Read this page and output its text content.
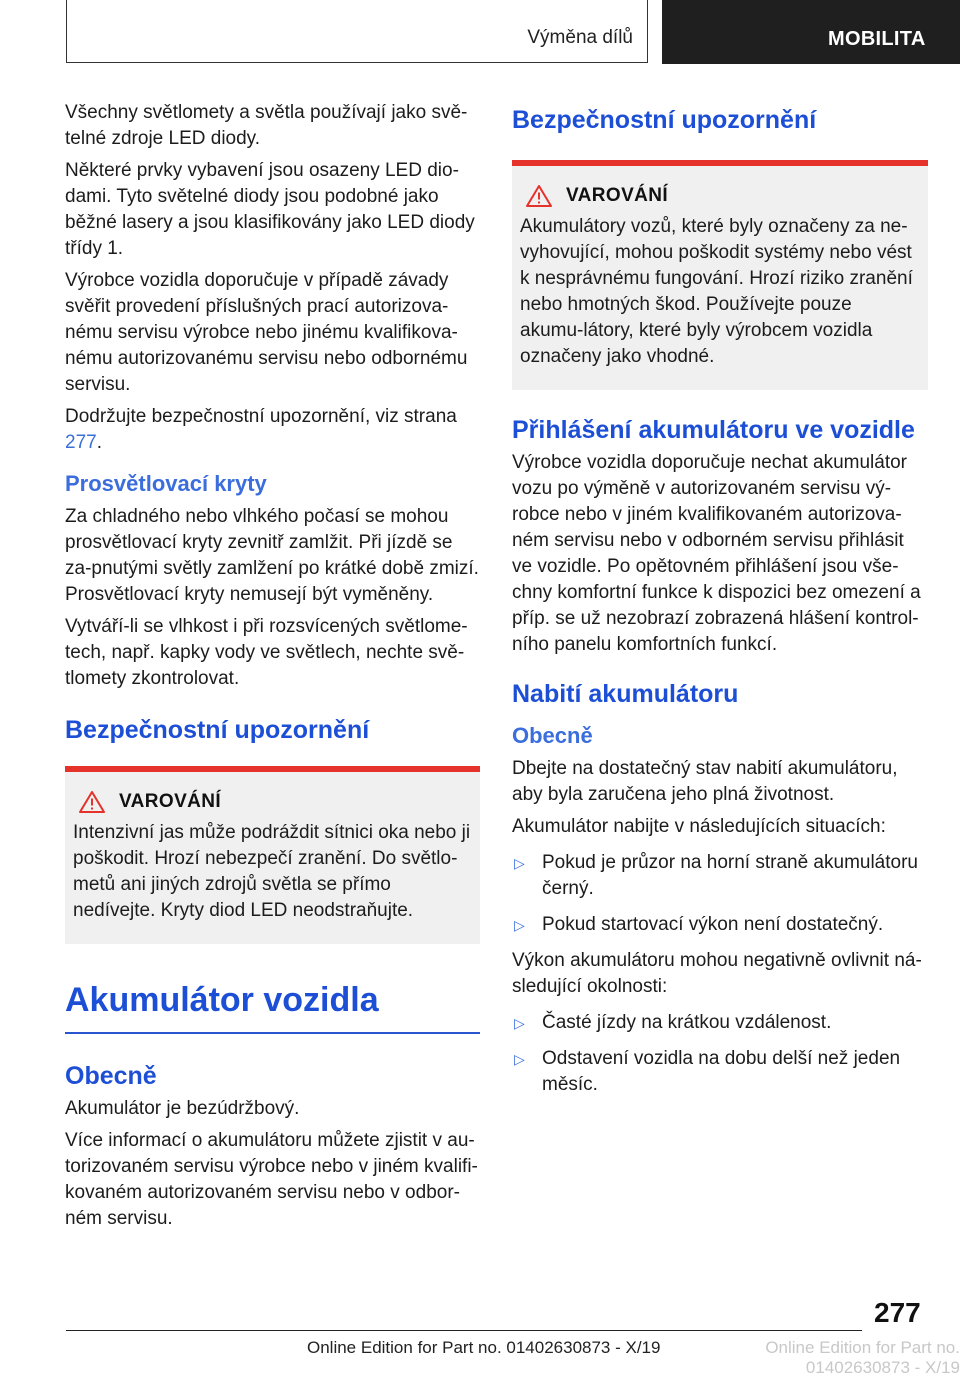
Výměna dílů	MOBILITA

Všechny světlomety a světla používají jako svě-telné zdroje LED diody.

Některé prvky vybavení jsou osazeny LED dio-dami. Tyto světelné diody jsou podobné jako běžné lasery a jsou klasifikovány jako LED diody třídy 1.

Výrobce vozidla doporučuje v případě závady svěřit provedení příslušných prací autorizova-nému servisu výrobce nebo jinému kvalifikova-nému autorizovanému servisu nebo odbornému servisu.

Dodržujte bezpečnostní upozornění, viz strana 277.

Prosvětlovací kryty

Za chladného nebo vlhkého počasí se mohou prosvětlovací kryty zevnitř zamlžit. Při jízdě se za-pnutými světly zamlžení po krátké době zmizí. Prosvětlovací kryty nemusejí být vyměněny.

Vytváří-li se vlhkost i při rozsvícených světlome-tech, např. kapky vody ve světlech, nechte svě-tlomety zkontrolovat.

Bezpečnostní upozornění
VAROVÁNÍ

Intenzivní jas může podráždit sítnici oka nebo ji poškodit. Hrozí nebezpečí zranění. Do světlo-metů ani jiných zdrojů světla se přímo nedívejte. Kryty diod LED neodstraňujte.

Akumulátor vozidla
Obecně

Akumulátor je bezúdržbový.

Více informací o akumulátoru můžete zjistit v au-torizovaném servisu výrobce nebo v jiném kvalifi-kovaném autorizovaném servisu nebo v odbor-ném servisu.

Bezpečnostní upozornění
VAROVÁNÍ

Akumulátory vozů, které byly označeny za ne-vyhovující, mohou poškodit systémy nebo vést k nesprávnému fungování. Hrozí riziko zranění nebo hmotných škod. Používejte pouze akumu-látory, které byly výrobcem vozidla označeny jako vhodné.

Přihlášení akumulátoru ve vozidle

Výrobce vozidla doporučuje nechat akumulátor vozu po výměně v autorizovaném servisu vý-robce nebo v jiném kvalifikovaném autorizova-ném servisu nebo v odborném servisu přihlásit ve vozidle. Po opětovném přihlášení jsou vše-chny komfortní funkce k dispozici bez omezení a příp. se už nezobrazí zobrazená hlášení kontrol-ního panelu komfortních funkcí.

Nabití akumulátoru
Obecně

Dbejte na dostatečný stav nabití akumulátoru, aby byla zaručena jeho plná životnost.

Akumulátor nabijte v následujících situacích:

▷ Pokud je průzor na horní straně akumulátoru černý.
▷ Pokud startovací výkon není dostatečný.

Výkon akumulátoru mohou negativně ovlivnit ná-sledující okolnosti:

▷ Časté jízdy na krátkou vzdálenost.
▷ Odstavení vozidla na dobu delší než jeden měsíc.
277
Online Edition for Part no. 01402630873 - X/19	Online Edition for Part no. 01402630873 - X/19
